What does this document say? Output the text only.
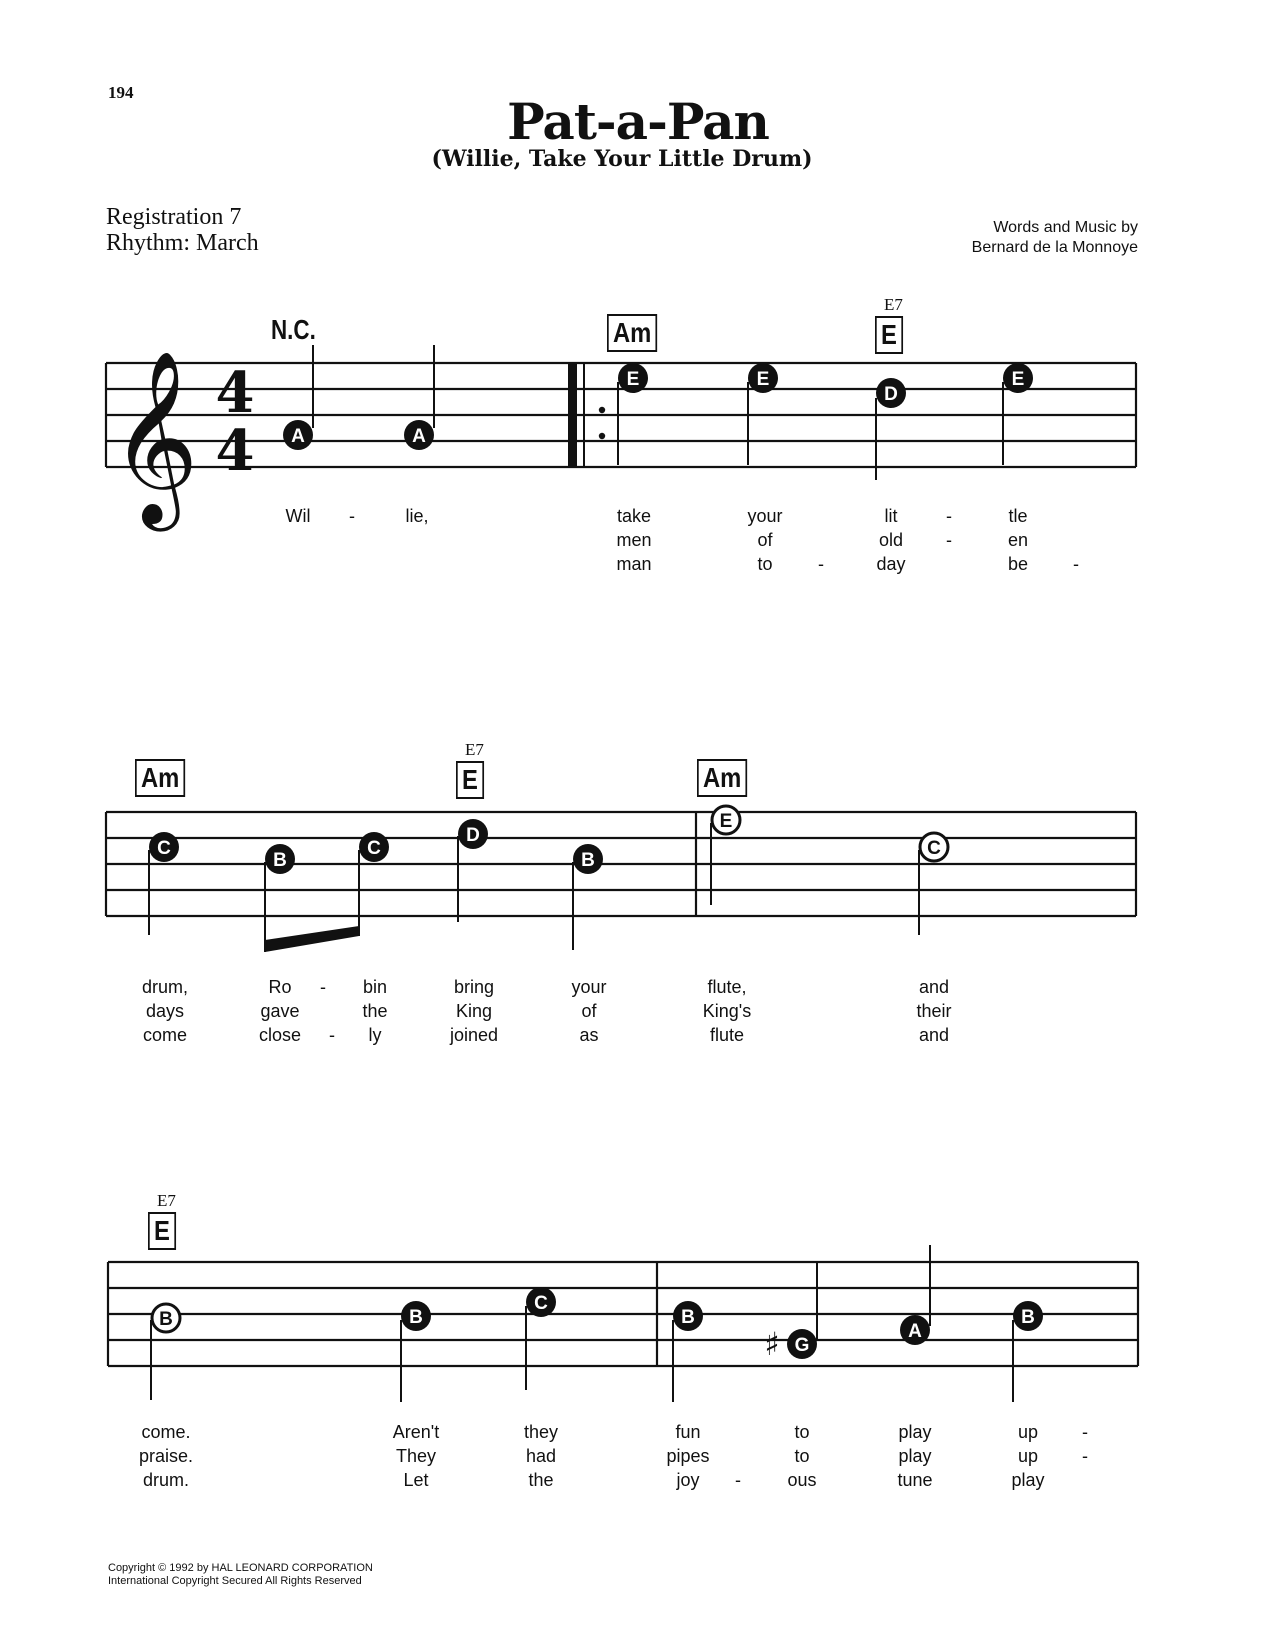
194	Pat-a-Pan
(Willie, Take Your Little Drum)
Registration 7
Rhythm: March
Words and Music by
Bernard de la Monnoye
𝄞 4
4 A	A
E	E
D
E
C
B
C
D
B
E
C
B	B
C
B
♯ G
A
B
N.C.	Am
E7
E
Am
E7
E	Am
E7
E
Wil	-	lie,	take	your	lit	-	tle
men	of	old	-	en
man	to	-	day	be	-
drum,	Ro	-	bin	bring	your	flute,	and
days	gave	the	King	of	King's	their
come	close	-	ly	joined	as	flute	and
come.	Aren't	they	fun	to	play	up	-
praise.	They	had	pipes	to	play	up	-
drum.	Let	the	joy	-	ous	tune	play
Copyright © 1992 by HAL LEONARD CORPORATION
International Copyright Secured All Rights Reserved
